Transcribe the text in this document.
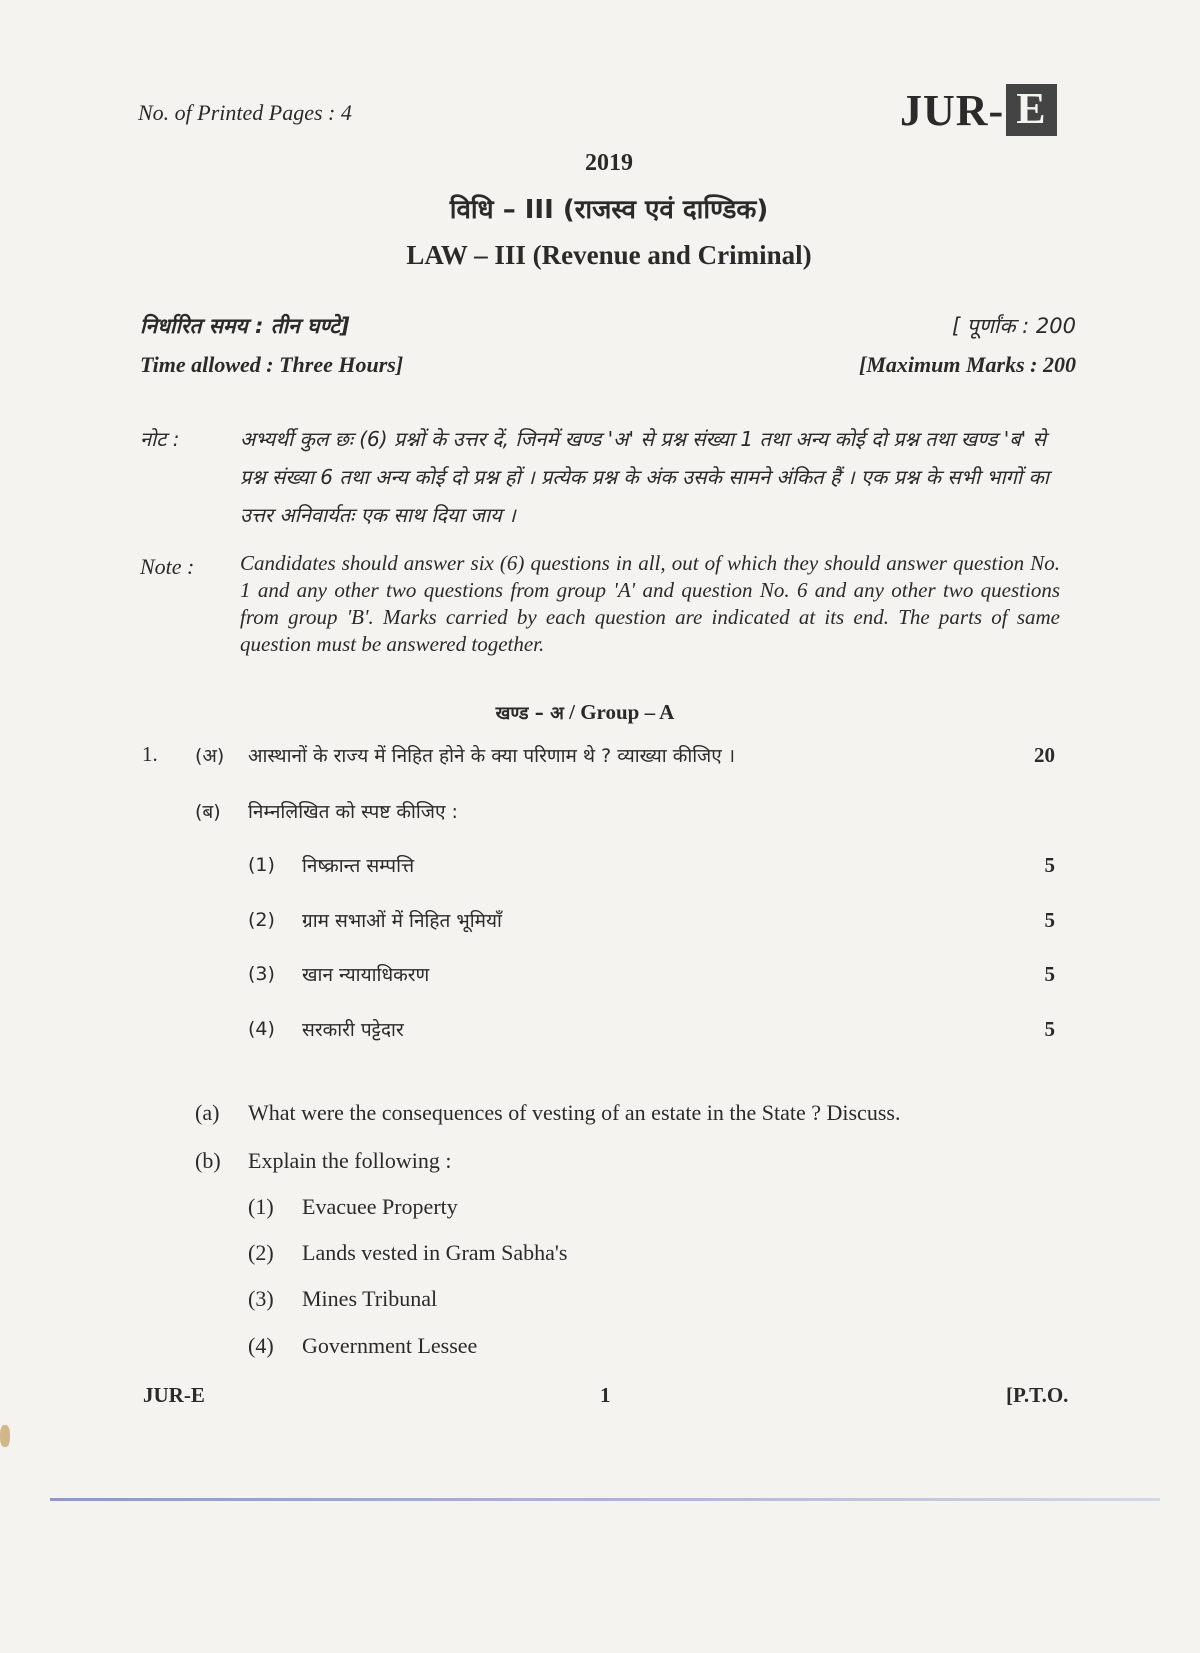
No. of Printed Pages : 4	JUR- E
2019
विधि – III (राजस्व एवं दाण्डिक)
LAW – III (Revenue and Criminal)
निर्धारित समय : तीन घण्टे]	[ पूर्णांक : 200
Time allowed : Three Hours]	[Maximum Marks : 200
नोट :	अभ्यर्थी कुल छः (6) प्रश्नों के उत्तर दें, जिनमें खण्ड 'अ' से प्रश्न संख्या 1 तथा अन्य कोई दो प्रश्न तथा खण्ड 'ब' से प्रश्न संख्या 6 तथा अन्य कोई दो प्रश्न हों । प्रत्येक प्रश्न के अंक उसके सामने अंकित हैं । एक प्रश्न के सभी भागों का उत्तर अनिवार्यतः एक साथ दिया जाय ।
Note : Candidates should answer six (6) questions in all, out of which they should answer question No. 1 and any other two questions from group 'A' and question No. 6 and any other two questions from group 'B'. Marks carried by each question are indicated at its end. The parts of same question must be answered together.
खण्ड – अ / Group – A
1. (अ) आस्थानों के राज्य में निहित होने के क्या परिणाम थे ? व्याख्या कीजिए ।	20
(ब) निम्नलिखित को स्पष्ट कीजिए :
(1) निष्क्रान्त सम्पत्ति	5
(2) ग्राम सभाओं में निहित भूमियाँ	5
(3) खान न्यायाधिकरण	5
(4) सरकारी पट्टेदार	5
(a) What were the consequences of vesting of an estate in the State ? Discuss.
(b) Explain the following :
(1) Evacuee Property
(2) Lands vested in Gram Sabha's
(3) Mines Tribunal
(4) Government Lessee
JUR-E	1	[P.T.O.
